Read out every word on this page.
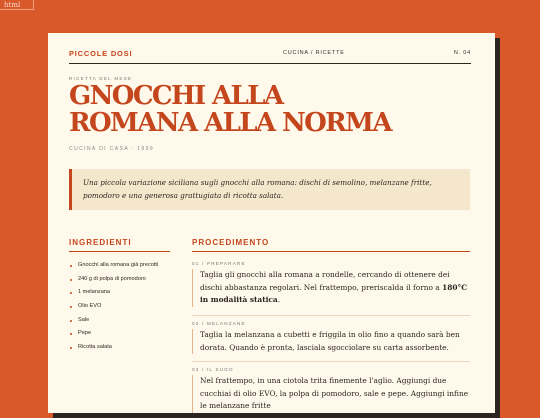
html
PICCOLE DOSI	CUCINA / RICETTE	N. 04
RICETTA DEL MESE
GNOCCHI ALLA
ROMANA ALLA NORMA
CUCINA DI CASA · 1999
Una piccola variazione siciliana sugli gnocchi alla romana: dischi di semolino, melanzane fritte, pomodoro e una generosa grattugiata di ricotta salata.
INGREDIENTI	PROCEDIMENTO
Gnocchi alla romana già precotti
240 g di polpa di pomodoro
1 melanzana
Olio EVO
Sale
Pepe
Ricotta salata
01 / PREPARARE
Taglia gli gnocchi alla romana a rondelle, cercando di ottenere dei dischi abbastanza regolari. Nel frattempo, preriscalda il forno a 180°C in modalità statica.
02 / MELANZANE
Taglia la melanzana a cubetti e friggila in olio fino a quando sarà ben dorata. Quando è pronta, lasciala sgocciolare su carta assorbente.
03 / IL SUGO
Nel frattempo, in una ciotola trita finemente l'aglio. Aggiungi due cucchiai di olio EVO, la polpa di pomodoro, sale e pepe. Aggiungi infine le melanzane fritte
